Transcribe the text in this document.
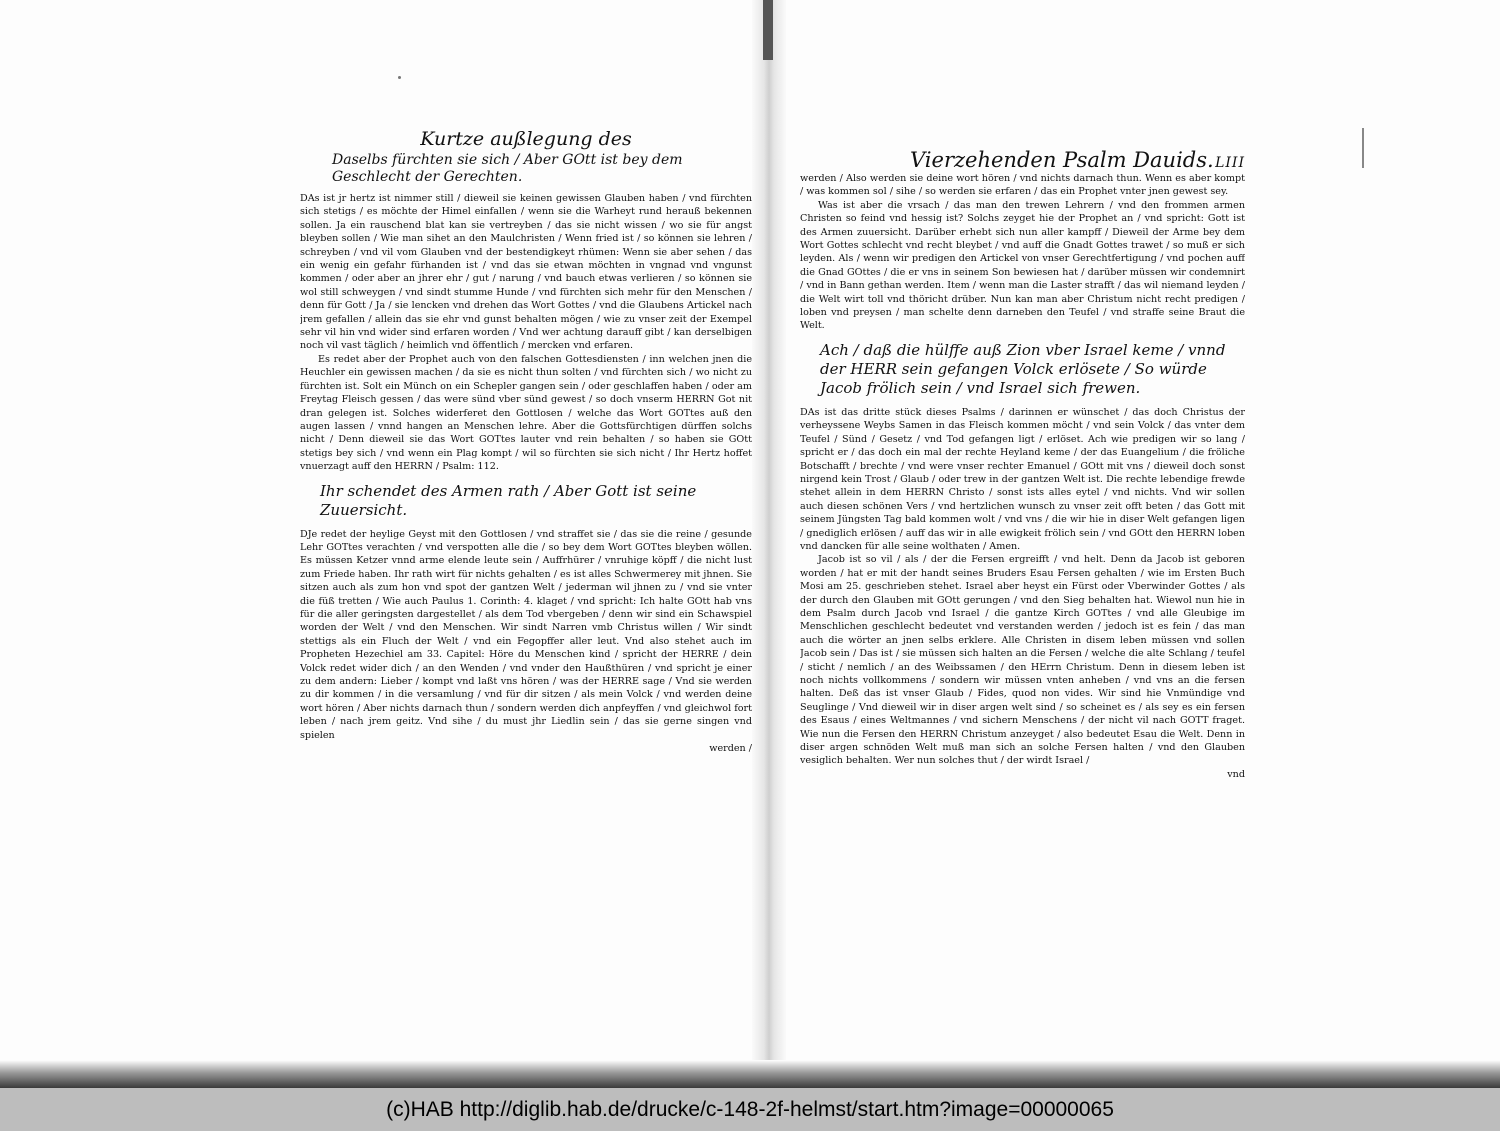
Kurtze außlegung des
Daselbs fürchten sie sich / Aber GOtt ist bey dem Geschlecht der Gerechten.

DAs ist jr hertz ist nimmer still / dieweil sie keinen gewissen Glauben haben / vnd fürchten sich stetigs / es möchte der Himel einfallen / wenn sie die Warheyt rund herauß bekennen sollen. Ja ein rauschend blat kan sie vertreyben / das sie nicht wissen / wo sie für angst bleyben sollen / Wie man sihet an den Maulchristen / Wenn fried ist / so können sie lehren / schreyben / vnd vil vom Glauben vnd der bestendigkeyt rhümen: Wenn sie aber sehen / das ein wenig ein gefahr fürhanden ist / vnd das sie etwan möchten in vngnad vnd vngunst kommen / oder aber an jhrer ehr / gut / narung / vnd bauch etwas verlieren / so können sie wol still schweygen / vnd sindt stumme Hunde / vnd fürchten sich mehr für den Menschen / denn für Gott / Ja / sie lencken vnd drehen das Wort Gottes / vnd die Glaubens Artickel nach jrem gefallen / allein das sie ehr vnd gunst behalten mögen / wie zu vnser zeit der Exempel sehr vil hin vnd wider sind erfaren worden / Vnd wer achtung darauff gibt / kan derselbigen noch vil vast täglich / heimlich vnd öffentlich / mercken vnd erfaren.

Es redet aber der Prophet auch von den falschen Gottesdiensten / inn welchen jnen die Heuchler ein gewissen machen / da sie es nicht thun solten / vnd fürchten sich / wo nicht zu fürchten ist. Solt ein Münch on ein Schepler gangen sein / oder geschlaffen haben / oder am Freytag Fleisch gessen / das were sünd vber sünd gewest / so doch vnserm HERRN Got nit dran gelegen ist. Solches widerferet den Gottlosen / welche das Wort GOTtes auß den augen lassen / vnnd hangen an Menschen lehre. Aber die Gottsfürchtigen dürffen solchs nicht / Denn dieweil sie das Wort GOTtes lauter vnd rein behalten / so haben sie GOtt stetigs bey sich / vnd wenn ein Plag kompt / wil so fürchten sie sich nicht / Ihr Hertz hoffet vnuerzagt auff den HERRN / Psalm: 112.

Ihr schendet des Armen rath / Aber Gott ist seine Zuuersicht.

DJe redet der heylige Geyst mit den Gottlosen / vnd straffet sie / das sie die reine / gesunde Lehr GOTtes verachten / vnd verspotten alle die / so bey dem Wort GOTtes bleyben wöllen. Es müssen Ketzer vnnd arme elende leute sein / Auffrhürer / vnruhige köpff / die nicht lust zum Friede haben. Ihr rath wirt für nichts gehalten / es ist alles Schwermerey mit jhnen. Sie sitzen auch als zum hon vnd spot der gantzen Welt / jederman wil jhnen zu / vnd sie vnter die füß tretten / Wie auch Paulus 1. Corinth: 4. klaget / vnd spricht: Ich halte GOtt hab vns für die aller geringsten dargestellet / als dem Tod vbergeben / denn wir sind ein Schawspiel worden der Welt / vnd den Menschen. Wir sindt Narren vmb Christus willen / Wir sindt stettigs als ein Fluch der Welt / vnd ein Fegopffer aller leut. Vnd also stehet auch im Propheten Hezechiel am 33. Capitel: Höre du Menschen kind / spricht der HERRE / dein Volck redet wider dich / an den Wenden / vnd vnder den Haußthüren / vnd spricht je einer zu dem andern: Lieber / kompt vnd laßt vns hören / was der HERRE sage / Vnd sie werden zu dir kommen / in die versamlung / vnd für dir sitzen / als mein Volck / vnd werden deine wort hören / Aber nichts darnach thun / sondern werden dich anpfeyffen / vnd gleichwol fort leben / nach jrem geitz. Vnd sihe / du must jhr Liedlin sein / das sie gerne singen vnd spielen

werden /

Vierzehenden Psalm Dauids. LIII

werden / Also werden sie deine wort hören / vnd nichts darnach thun. Wenn es aber kompt / was kommen sol / sihe / so werden sie erfaren / das ein Prophet vnter jnen gewest sey.

Was ist aber die vrsach / das man den trewen Lehrern / vnd den frommen armen Christen so feind vnd hessig ist? Solchs zeyget hie der Prophet an / vnd spricht: Gott ist des Armen zuuersicht. Darüber erhebt sich nun aller kampff / Dieweil der Arme bey dem Wort Gottes schlecht vnd recht bleybet / vnd auff die Gnadt Gottes trawet / so muß er sich leyden. Als / wenn wir predigen den Artickel von vnser Gerechtfertigung / vnd pochen auff die Gnad GOttes / die er vns in seinem Son bewiesen hat / darüber müssen wir condemnirt / vnd in Bann gethan werden. Item / wenn man die Laster strafft / das wil niemand leyden / die Welt wirt toll vnd thöricht drüber. Nun kan man aber Christum nicht recht predigen / loben vnd preysen / man schelte denn darneben den Teufel / vnd straffe seine Braut die Welt.

Ach / daß die hülffe auß Zion vber Israel keme / vnnd der HERR sein gefangen Volck erlösete / So würde Jacob frölich sein / vnd Israel sich frewen.

DAs ist das dritte stück dieses Psalms / darinnen er wünschet / das doch Christus der verheyssene Weybs Samen in das Fleisch kommen möcht / vnd sein Volck / das vnter dem Teufel / Sünd / Gesetz / vnd Tod gefangen ligt / erlöset. Ach wie predigen wir so lang / spricht er / das doch ein mal der rechte Heyland keme / der das Euangelium / die fröliche Botschafft / brechte / vnd were vnser rechter Emanuel / GOtt mit vns / dieweil doch sonst nirgend kein Trost / Glaub / oder trew in der gantzen Welt ist. Die rechte lebendige frewde stehet allein in dem HERRN Christo / sonst ists alles eytel / vnd nichts. Vnd wir sollen auch diesen schönen Vers / vnd hertzlichen wunsch zu vnser zeit offt beten / das Gott mit seinem Jüngsten Tag bald kommen wolt / vnd vns / die wir hie in diser Welt gefangen ligen / gnediglich erlösen / auff das wir in alle ewigkeit frölich sein / vnd GOtt den HERRN loben vnd dancken für alle seine wolthaten / Amen.

Jacob ist so vil / als / der die Fersen ergreifft / vnd helt. Denn da Jacob ist geboren worden / hat er mit der handt seines Bruders Esau Fersen gehalten / wie im Ersten Buch Mosi am 25. geschrieben stehet. Israel aber heyst ein Fürst oder Vberwinder Gottes / als der durch den Glauben mit GOtt gerungen / vnd den Sieg behalten hat. Wiewol nun hie in dem Psalm durch Jacob vnd Israel / die gantze Kirch GOTtes / vnd alle Gleubige im Menschlichen geschlecht bedeutet vnd verstanden werden / jedoch ist es fein / das man auch die wörter an jnen selbs erklere. Alle Christen in disem leben müssen vnd sollen Jacob sein / Das ist / sie müssen sich halten an die Fersen / welche die alte Schlang / teufel / sticht / nemlich / an des Weibssamen / den HErrn Christum. Denn in diesem leben ist noch nichts vollkommens / sondern wir müssen vnten anheben / vnd vns an die fersen halten. Deß das ist vnser Glaub / Fides, quod non vides. Wir sind hie Vnmündige vnd Seuglinge / Vnd dieweil wir in diser argen welt sind / so scheinet es / als sey es ein fersen des Esaus / eines Weltmannes / vnd sichern Menschens / der nicht vil nach GOTT fraget. Wie nun die Fersen den HERRN Christum anzeyget / also bedeutet Esau die Welt. Denn in diser argen schnöden Welt muß man sich an solche Fersen halten / vnd den Glauben vesiglich behalten. Wer nun solches thut / der wirdt Israel /

vnd

(c)HAB http://diglib.hab.de/drucke/c-148-2f-helmst/start.htm?image=00000065
